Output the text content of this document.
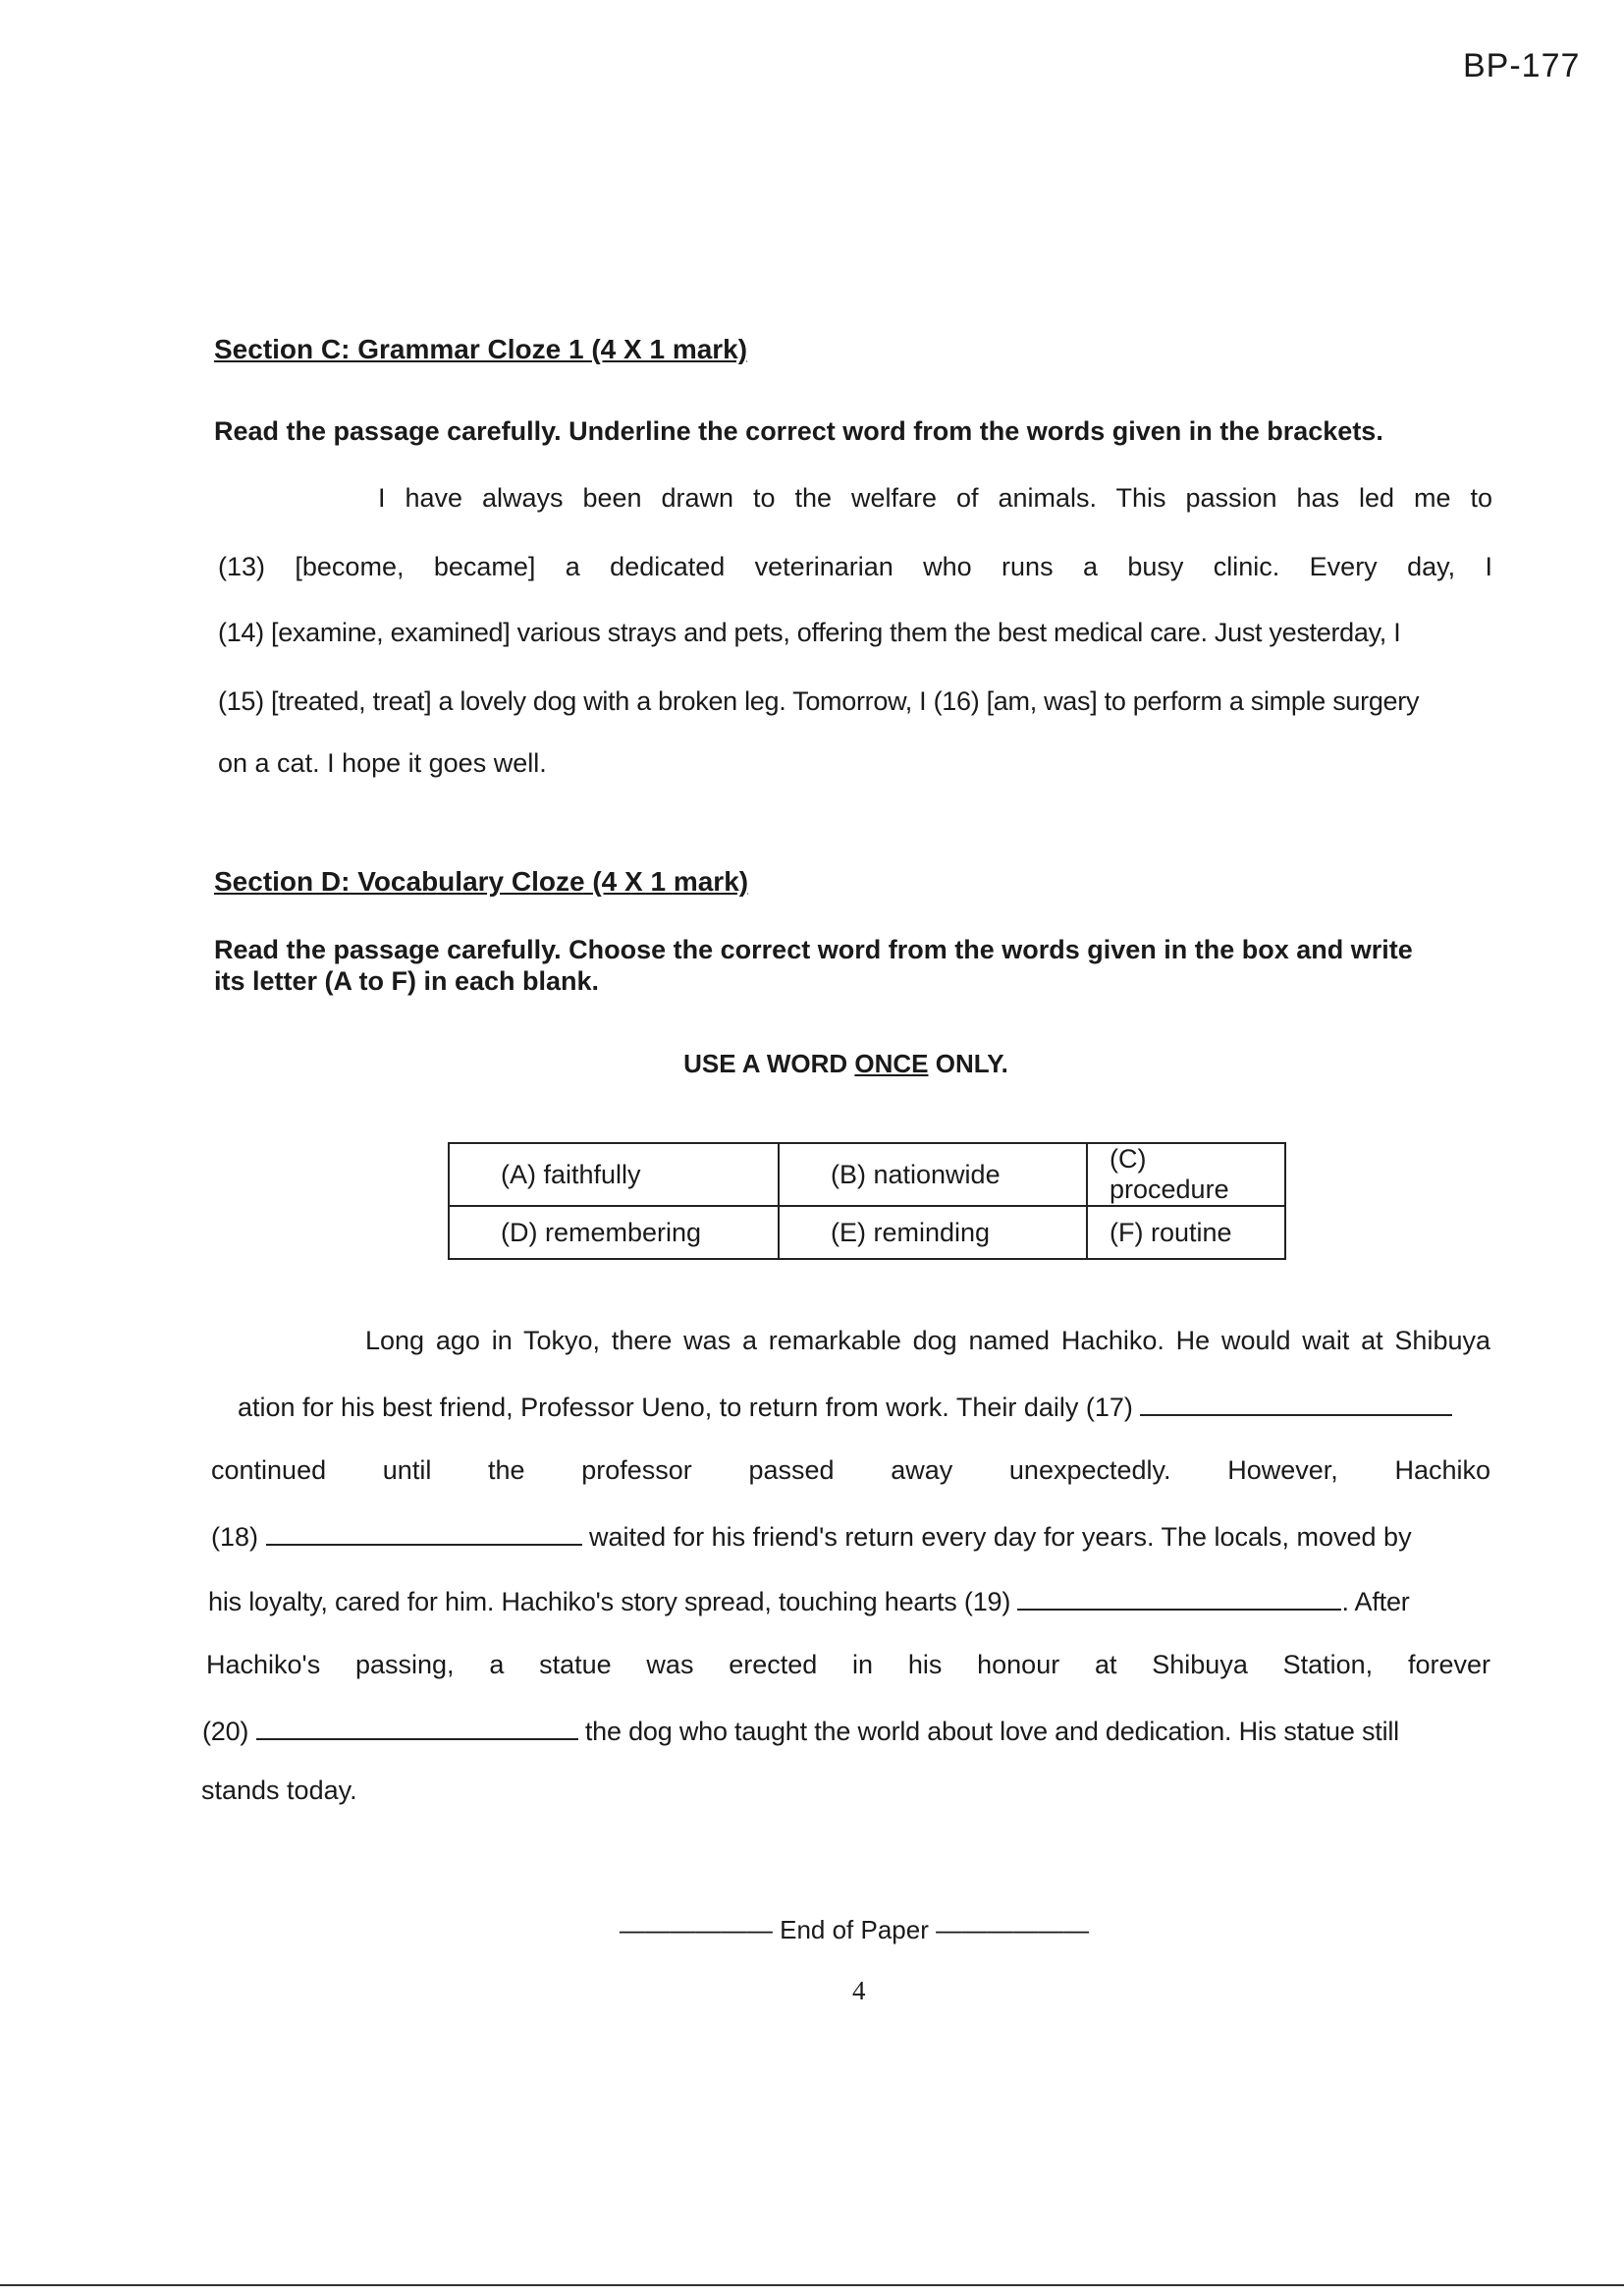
BP-177
Section C: Grammar Cloze 1 (4 X 1 mark)
Read the passage carefully. Underline the correct word from the words given in the brackets.
I have always been drawn to the welfare of animals. This passion has led me to
(13) [become, became] a dedicated veterinarian who runs a busy clinic. Every day, I
(14) [examine, examined] various strays and pets, offering them the best medical care. Just yesterday, I
(15) [treated, treat] a lovely dog with a broken leg. Tomorrow, I (16) [am, was] to perform a simple surgery
on a cat. I hope it goes well.
Section D: Vocabulary Cloze (4 X 1 mark)
Read the passage carefully. Choose the correct word from the words given in the box and write
its letter (A to F) in each blank.
USE A WORD ONCE ONLY.
(A) faithfully	(B) nationwide	(C) procedure
(D) remembering	(E) reminding	(F) routine
Long ago in Tokyo, there was a remarkable dog named Hachiko. He would wait at Shibuya
ation for his best friend, Professor Ueno, to return from work. Their daily (17)
continued until the professor passed away unexpectedly. However, Hachiko
(18)	waited for his friend's return every day for years. The locals, moved by
his loyalty, cared for him. Hachiko's story spread, touching hearts (19)	. After
Hachiko's passing, a statue was erected in his honour at Shibuya Station, forever
(20)	the dog who taught the world about love and dedication. His statue still
stands today.
—————— End of Paper ——————
4
